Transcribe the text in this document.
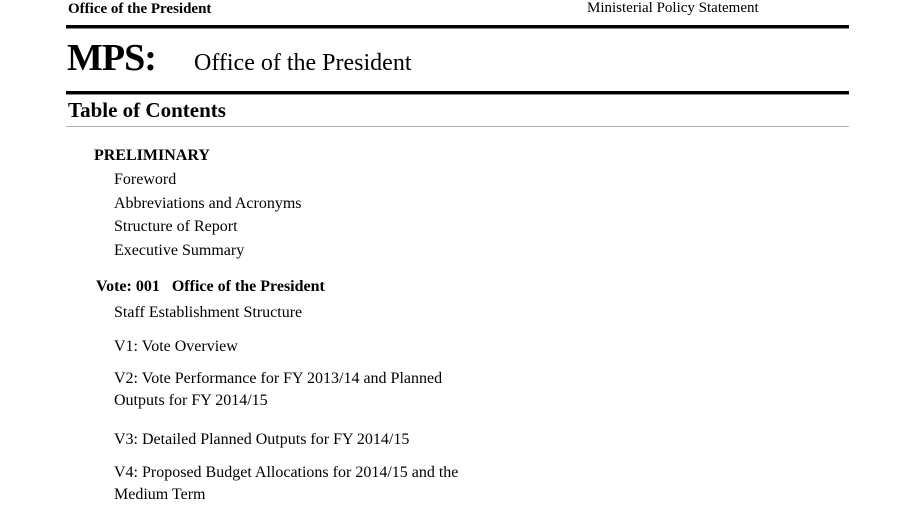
Office of the President	Ministerial Policy Statement
MPS: Office of the President
Table of Contents
PRELIMINARY
Foreword
Abbreviations and Acronyms
Structure of Report
Executive Summary
Vote: 001   Office of the President
Staff Establishment Structure
V1: Vote Overview
V2: Vote Performance for FY 2013/14 and Planned
Outputs for FY 2014/15
V3: Detailed Planned Outputs for FY 2014/15
V4: Proposed Budget Allocations for 2014/15 and the
Medium Term
